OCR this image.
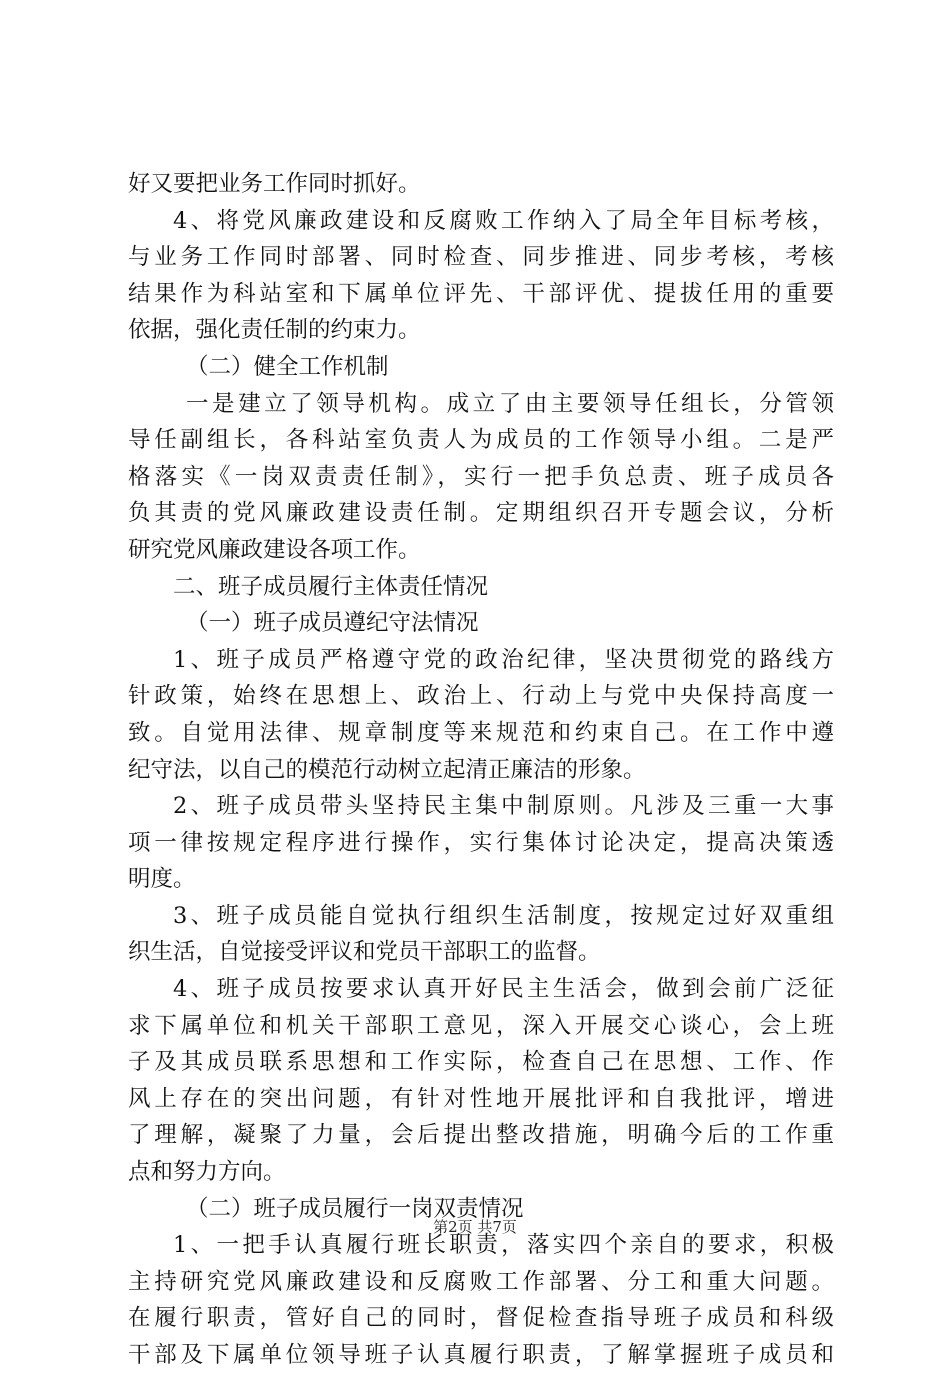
好又要把业务工作同时抓好。
4、将党风廉政建设和反腐败工作纳入了局全年目标考核，
与业务工作同时部署、同时检查、同步推进、同步考核，考核
结果作为科站室和下属单位评先、干部评优、提拔任用的重要
依据，强化责任制的约束力。
（二）健全工作机制
一是建立了领导机构。成立了由主要领导任组长，分管领
导任副组长，各科站室负责人为成员的工作领导小组。二是严
格落实《一岗双责责任制》，实行一把手负总责、班子成员各
负其责的党风廉政建设责任制。定期组织召开专题会议，分析
研究党风廉政建设各项工作。
二、班子成员履行主体责任情况
（一）班子成员遵纪守法情况
1、班子成员严格遵守党的政治纪律，坚决贯彻党的路线方
针政策，始终在思想上、政治上、行动上与党中央保持高度一
致。自觉用法律、规章制度等来规范和约束自己。在工作中遵
纪守法，以自己的模范行动树立起清正廉洁的形象。
2、班子成员带头坚持民主集中制原则。凡涉及三重一大事
项一律按规定程序进行操作，实行集体讨论决定，提高决策透
明度。
3、班子成员能自觉执行组织生活制度，按规定过好双重组
织生活，自觉接受评议和党员干部职工的监督。
4、班子成员按要求认真开好民主生活会，做到会前广泛征
求下属单位和机关干部职工意见，深入开展交心谈心，会上班
子及其成员联系思想和工作实际，检查自己在思想、工作、作
风上存在的突出问题，有针对性地开展批评和自我批评，增进
了理解，凝聚了力量，会后提出整改措施，明确今后的工作重
点和努力方向。
（二）班子成员履行一岗双责情况
1、一把手认真履行班长职责，落实四个亲自的要求，积极
主持研究党风廉政建设和反腐败工作部署、分工和重大问题。
在履行职责，管好自己的同时，督促检查指导班子成员和科级
干部及下属单位领导班子认真履行职责，了解掌握班子成员和
第2页 共7页
